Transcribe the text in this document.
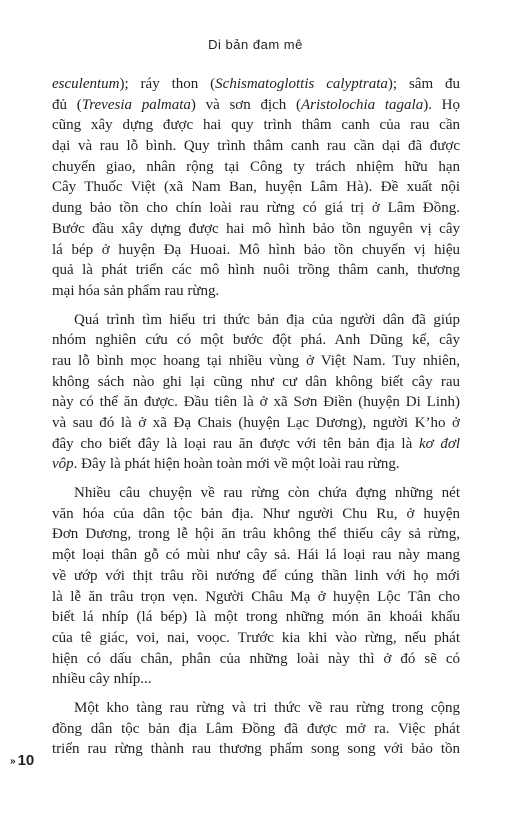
Di bản đam mê
esculentum); ráy thon (Schismatoglottis calyptrata); sâm đu
đủ (Trevesia palmata) và sơn địch (Aristolochia tagala). Họ
cũng xây dựng được hai quy trình thâm canh của rau cần
dại và rau lỗ bình. Quy trình thâm canh rau cần dại đã được
chuyển giao, nhân rộng tại Công ty trách nhiệm hữu hạn
Cây Thuốc Việt (xã Nam Ban, huyện Lâm Hà). Đề xuất nội
dung bảo tồn cho chín loài rau rừng có giá trị ở Lâm Đồng.
Bước đầu xây dựng được hai mô hình bảo tồn nguyên vị cây
lá bép ở huyện Đạ Huoai. Mô hình bảo tồn chuyển vị hiệu
quả là phát triển các mô hình nuôi trồng thâm canh, thương
mại hóa sản phẩm rau rừng.
Quá trình tìm hiểu tri thức bản địa của người dân đã giúp
nhóm nghiên cứu có một bước đột phá. Anh Dũng kể, cây
rau lỗ bình mọc hoang tại nhiều vùng ở Việt Nam. Tuy nhiên,
không sách nào ghi lại cũng như cư dân không biết cây rau
này có thể ăn được. Đầu tiên là ở xã Sơn Điền (huyện Di Linh)
và sau đó là ở xã Đạ Chais (huyện Lạc Dương), người K’ho ở
đây cho biết đây là loại rau ăn được với tên bản địa là kơ đơl
vôp. Đây là phát hiện hoàn toàn mới về một loài rau rừng.
Nhiều câu chuyện về rau rừng còn chứa đựng những nét
văn hóa của dân tộc bản địa. Như người Chu Ru, ở huyện
Đơn Dương, trong lễ hội ăn trâu không thể thiếu cây sả rừng,
một loại thân gỗ có mùi như cây sả. Hái lá loại rau này mang
về ướp với thịt trâu rồi nướng để cúng thần linh với họ mới
là lễ ăn trâu trọn vẹn. Người Châu Mạ ở huyện Lộc Tân cho
biết lá nhíp (lá bép) là một trong những món ăn khoái khẩu
của tê giác, voi, nai, voọc. Trước kia khi vào rừng, nếu phát
hiện có dấu chân, phân của những loài này thì ở đó sẽ có
nhiều cây nhíp...
Một kho tàng rau rừng và tri thức về rau rừng trong cộng
đồng dân tộc bản địa Lâm Đồng đã được mở ra. Việc phát
triển rau rừng thành rau thương phẩm song song với bảo tồn
» 10
